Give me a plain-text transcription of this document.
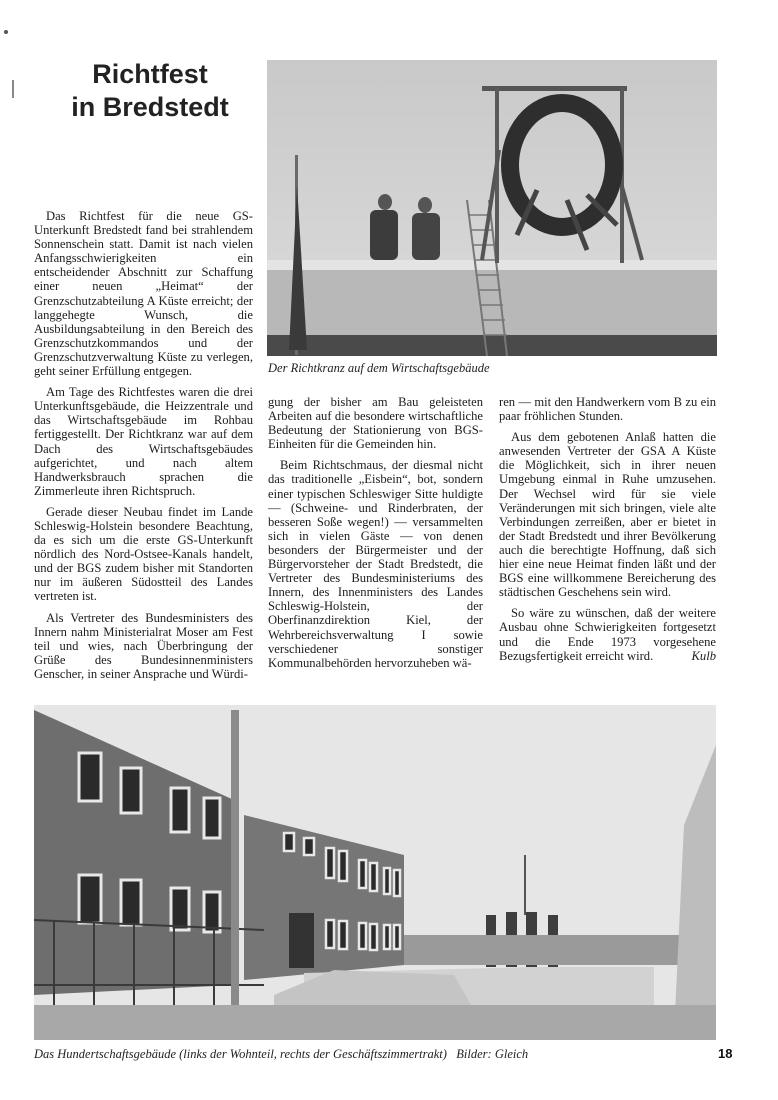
Richtfest
in Bredstedt
Der Richtkranz auf dem Wirtschaftsgebäude

Das Richtfest für die neue GS-Unterkunft Bredstedt fand bei strahlendem Sonnenschein statt. Damit ist nach vielen Anfangsschwierigkeiten ein entscheidender Abschnitt zur Schaffung einer neuen „Heimat“ der Grenzschutzabteilung A Küste erreicht; der langgehegte Wunsch, die Ausbildungsabteilung in den Bereich des Grenzschutzkommandos und der Grenzschutzverwaltung Küste zu verlegen, geht seiner Erfüllung entgegen.

Am Tage des Richtfestes waren die drei Unterkunftsgebäude, die Heizzentrale und das Wirtschaftsgebäude im Rohbau fertiggestellt. Der Richtkranz war auf dem Dach des Wirtschaftsgebäudes aufgerichtet, und nach altem Handwerksbrauch sprachen die Zimmerleute ihren Richtspruch.

Gerade dieser Neubau findet im Lande Schleswig-Holstein besondere Beachtung, da es sich um die erste GS-Unterkunft nördlich des Nord-Ostsee-Kanals handelt, und der BGS zudem bisher mit Standorten nur im äußeren Südostteil des Landes vertreten ist.

Als Vertreter des Bundesministers des Innern nahm Ministerialrat Moser am Fest teil und wies, nach Überbringung der Grüße des Bundesinnenministers Genscher, in seiner Ansprache und Würdi-

gung der bisher am Bau geleisteten Arbeiten auf die besondere wirtschaftliche Bedeutung der Stationierung von BGS-Einheiten für die Gemeinden hin.

Beim Richtschmaus, der diesmal nicht das traditionelle „Eisbein“, bot, sondern einer typischen Schleswiger Sitte huldigte — (Schweine- und Rinderbraten, der besseren Soße wegen!) — versammelten sich in vielen Gäste — von denen besonders der Bürgermeister und der Bürgervorsteher der Stadt Bredstedt, die Vertreter des Bundesministeriums des Innern, des Innenministers des Landes Schleswig-Holstein, der Oberfinanzdirektion Kiel, der Wehrbereichsverwaltung I sowie verschiedener sonstiger Kommunalbehörden hervorzuheben wä-

ren — mit den Handwerkern vom B zu ein paar fröhlichen Stunden.

Aus dem gebotenen Anlaß hatten die anwesenden Vertreter der GSA A Küste die Möglichkeit, sich in ihrer neuen Umgebung einmal in Ruhe umzusehen. Der Wechsel wird für sie viele Veränderungen mit sich bringen, viele alte Verbindungen zerreißen, aber er bietet in der Stadt Bredstedt und ihrer Bevölkerung auch die berechtigte Hoffnung, daß sich hier eine neue Heimat finden läßt und der BGS eine willkommene Bereicherung des städtischen Geschehens sein wird.

So wäre zu wünschen, daß der weitere Ausbau ohne Schwierigkeiten fortgesetzt und die Ende 1973 vorgesehene Bezugsfertigkeit erreicht wird.	Kulb

Das Hundertschaftsgebäude (links der Wohnteil, rechts der Geschäftszimmertrakt)   Bilder: Gleich	18
